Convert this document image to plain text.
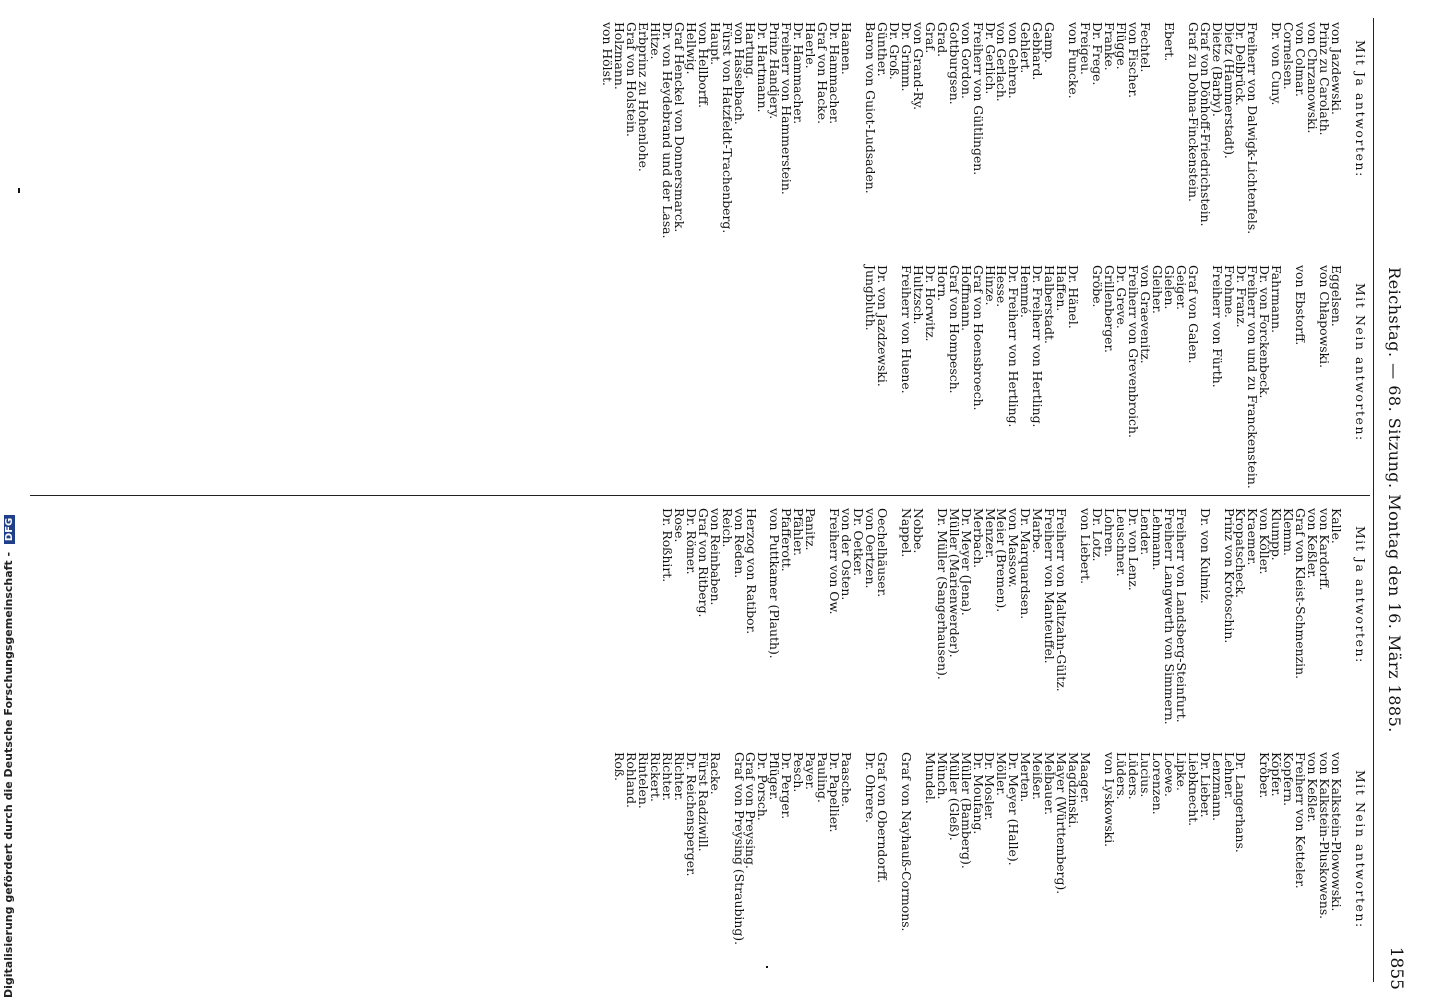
Reichstag. — 68. Sitzung. Montag den 16. März 1885.
1855
Mit Ja antworten:
von Jazdewski.
Prinz zu Carolath.
von Chrzanowski.
von Colmar.
Cornelsen.
Dr. von Cuny.
Freiherr von Dalwigk-Lichtenfels.
Dr. Delbrück.
Dietz (Hammerstadt).
Dietze (Barby).
Graf von Dönhoff-Friedrichstein.
Graf zu Dohna-Finckenstein.
Ebert.
Fechtel.
von Fischer.
Flügge.
Franke.
Dr. Frege.
Freigeu.
von Funcke.
Gamp.
Gebhard.
Gehlert.
von Gehren.
von Gerlach.
Dr. Gerlich.
Freiherr von Gültlingen.
von Gordon.
Gottburgsen.
Grad.
Graf.
von Grand-Ry.
Dr. Grimm.
Dr. Groß.
Günther.
Baron von Guiot-Ludsaden.
Haanen.
Dr. Hammacher.
Graf von Hacke.
Haerle.
Dr. Hammacher.
Freiherr von Hammerstein.
Prinz Handjery.
Dr. Hartmann.
Hartung.
von Hasselbach.
Fürst von Hatzfeldt-Trachenberg.
Haupt.
von Hellborff.
Hellwig.
Graf Henckel von Donnersmarck.
Dr. von Heydebrand und der Lasa.
Hitze.
Erbprinz zu Hohenlohe.
Graf von Holstein.
Holzmann.
von Hölst.
Mit Nein antworten:
Eggelsen.
von Chłapowski.
von Ebstorff.
Fahrmann.
Dr. von Forckenbeck.
Freiherr von und zu Franckenstein.
Dr. Franz.
Frohme.
Freiherr von Fürth.
Graf von Galen.
Geiger.
Gielen.
Gleiher.
von Graevenitz.
Freiherr von Grevenbroich.
Dr. Greve.
Grillenberger.
Gröbe.
Dr. Hänel.
Haffen.
Halberstadt.
Dr. Freiherr von Hertling.
Hemmé.
Dr. Freiherr von Hertling.
Hesse.
Hinze.
Graf von Hoensbroech.
Hoffmann.
Graf von Hompesch.
Horn.
Dr. Horwitz.
Hultzsch.
Freiherr von Huene.
Dr. von Jazdzewski.
Jungbluth.
Mit Ja antworten:
Kalle.
von Kardorff.
von Keßler.
Graf von Kleist-Schmenzin.
Klemm.
Klumpp.
von Köller.
Kraemer.
Kropatscheck.
Prinz von Krotoschin.
Dr. von Kulmiz.
Freiherr von Landsberg-Steinfurt.
Freiherr Langwerth von Simmern.
Lehmann.
Lender.
Dr. von Lenz.
Leuschner.
Lohren.
Dr. Lotz.
von Liebert.
Freiherr von Maltzahn-Gültz.
Freiherr von Manteuffel.
Marbe.
Dr. Marquardsen.
von Massow.
Meier (Bremen).
Menzer.
Merbach.
Dr. Meyer (Jena).
Müller (Marienwerder).
Dr. Müller (Sangerhausen).
Nobbe.
Nappel.
Oechelhäuser.
von Oertzen.
Dr. Oetker.
von der Osten.
Freiherr von Ow.
Panitz.
Pfähler.
Pfafferott.
von Puttkamer (Plauth).
Herzog von Ratibor.
von Reden.
Reich.
von Reinbaben.
Graf von Ritberg.
Dr. Römer.
Rose.
Dr. Roßhirt.
Mit Nein antworten:
von Kalkstein-Plowowski.
von Kalkstein-Pluskowens.
von Keßler.
Freiherr von Ketteler.
Kopfern.
Köpfer.
Kröber.
Dr. Langerhans.
Lehner.
Lenzmann.
Dr. Lieber.
Liebknecht.
Lipke.
Loewe.
Lorenzen.
Lucius.
Lüders.
Lüders.
von Lyskowski.
Maager.
Magdzinski.
Mayer (Württemberg).
Melbauer.
Meißer.
Merten.
Dr. Meyer (Halle).
Möller.
Dr. Mosler.
Dr. Moufang.
Müller (Bamberg).
Müller (Gleß).
Münch.
Mundel.
Graf von Nayhauß-Cormons.
Graf von Oberndorff.
Dr. Ohrere.
Paasche.
Dr. Papellier.
Pauling.
Payer.
Pesch.
Dr. Perger.
Pflüger.
Dr. Porsch.
Graf von Preysing.
Graf von Preysing (Straubing).
Racke.
Fürst Radziwill.
Dr. Reichensperger.
Richter.
Richter.
Rickert.
Rintelen.
Rohland.
Roß.
Digitalisierung gefördert durch die Deutsche Forschungsgemeinschaft - DFG
